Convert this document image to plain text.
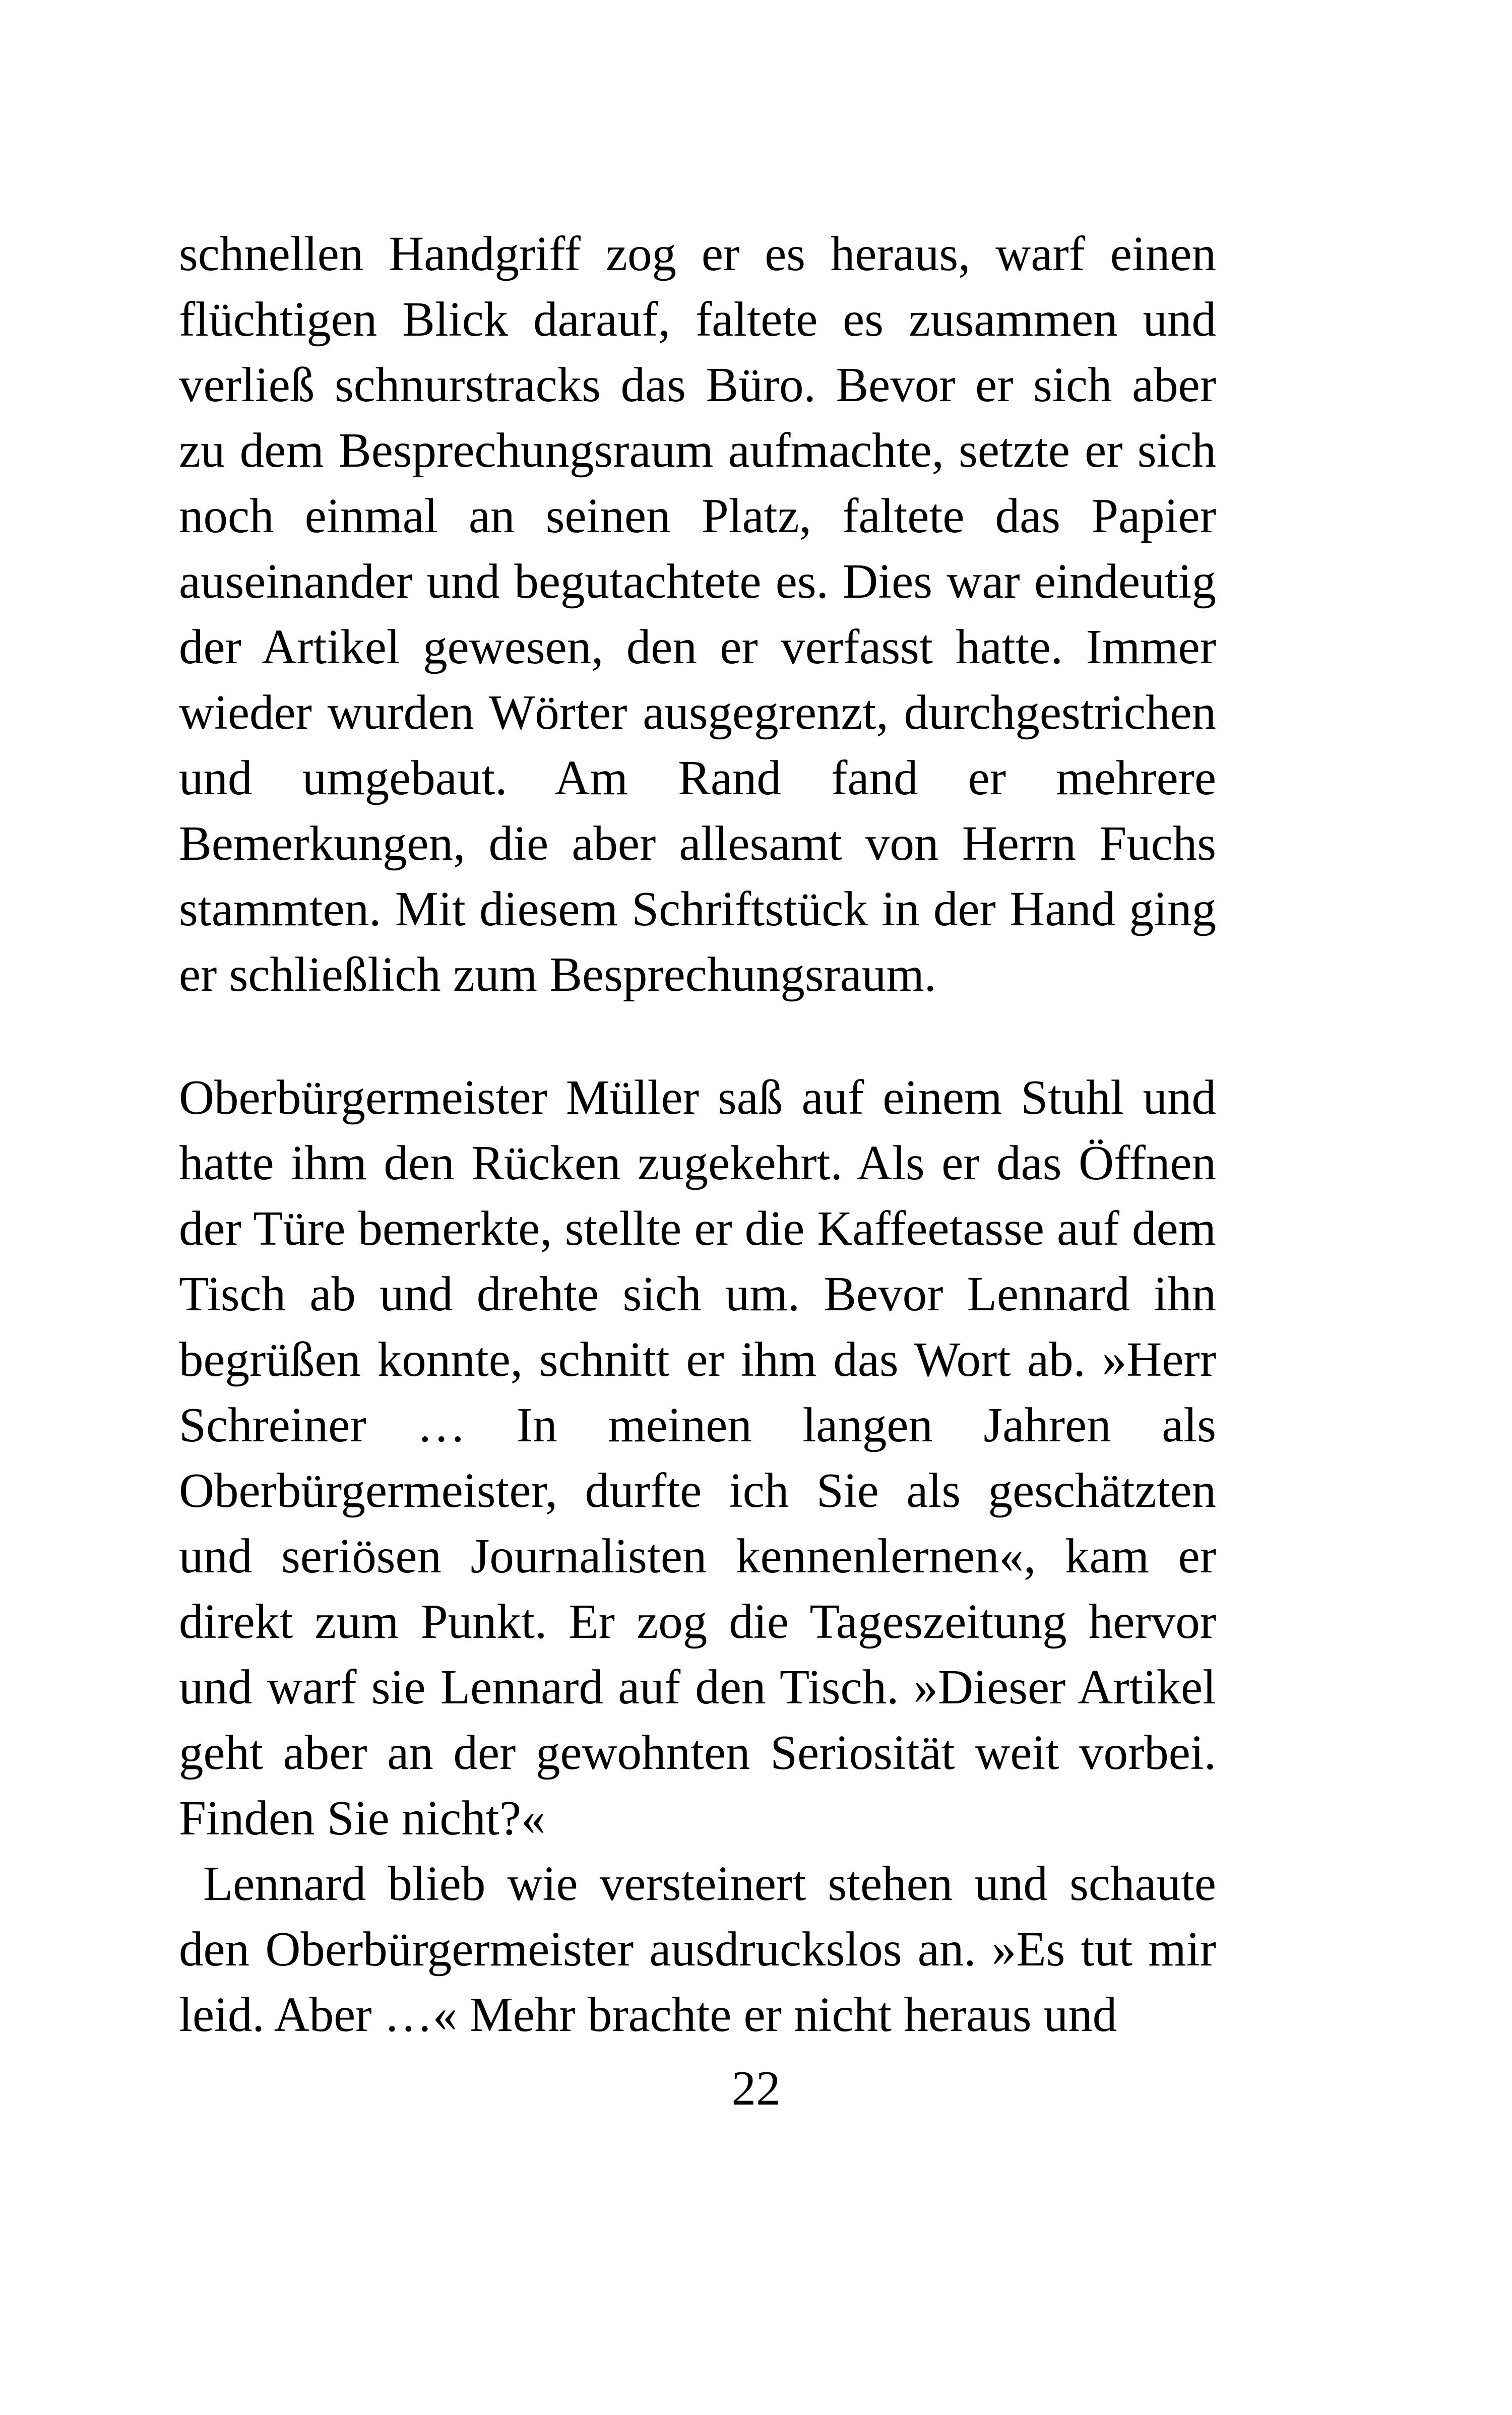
schnellen Handgriff zog er es heraus, warf einen flüchtigen Blick darauf, faltete es zusammen und verließ schnurstracks das Büro. Bevor er sich aber zu dem Besprechungsraum aufmachte, setzte er sich noch einmal an seinen Platz, faltete das Papier auseinander und begutachtete es. Dies war eindeutig der Artikel gewesen, den er verfasst hatte. Immer wieder wurden Wörter ausgegrenzt, durchgestrichen und umgebaut. Am Rand fand er mehrere Bemerkungen, die aber allesamt von Herrn Fuchs stammten. Mit diesem Schriftstück in der Hand ging er schließlich zum Besprechungsraum.

Oberbürgermeister Müller saß auf einem Stuhl und hatte ihm den Rücken zugekehrt. Als er das Öffnen der Türe bemerkte, stellte er die Kaffeetasse auf dem Tisch ab und drehte sich um. Bevor Lennard ihn begrüßen konnte, schnitt er ihm das Wort ab. »Herr Schreiner … In meinen langen Jahren als Oberbürgermeister, durfte ich Sie als geschätzten und seriösen Journalisten kennenlernen«, kam er direkt zum Punkt. Er zog die Tageszeitung hervor und warf sie Lennard auf den Tisch. »Dieser Artikel geht aber an der gewohnten Seriosität weit vorbei. Finden Sie nicht?«

Lennard blieb wie versteinert stehen und schaute den Oberbürgermeister ausdruckslos an. »Es tut mir leid. Aber …« Mehr brachte er nicht heraus und

22
